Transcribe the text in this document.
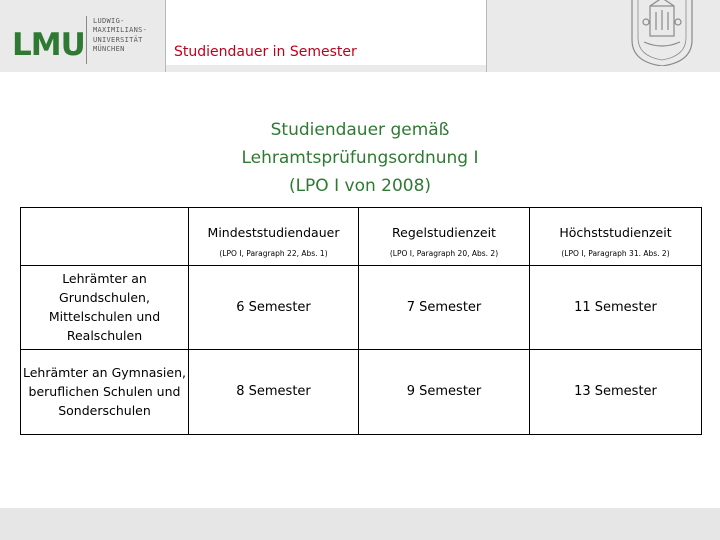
LMU
LUDWIG-
MAXIMILIANS-
UNIVERSITÄT
MÜNCHEN	Studiendauer in Semester
Studiendauer gemäß
Lehramtsprüfungsordnung I
(LPO I von 2008)
	Mindeststudiendauer	Regelstudienzeit	Höchststudienzeit
	(LPO I, Paragraph 22, Abs. 1)	(LPO I, Paragraph 20, Abs. 2)	(LPO I, Paragraph 31. Abs. 2)
Lehrämter an Grundschulen, Mittelschulen und Realschulen	6 Semester	7 Semester	11 Semester
Lehrämter an Gymnasien, beruflichen Schulen und Sonderschulen	8 Semester	9 Semester	13 Semester
